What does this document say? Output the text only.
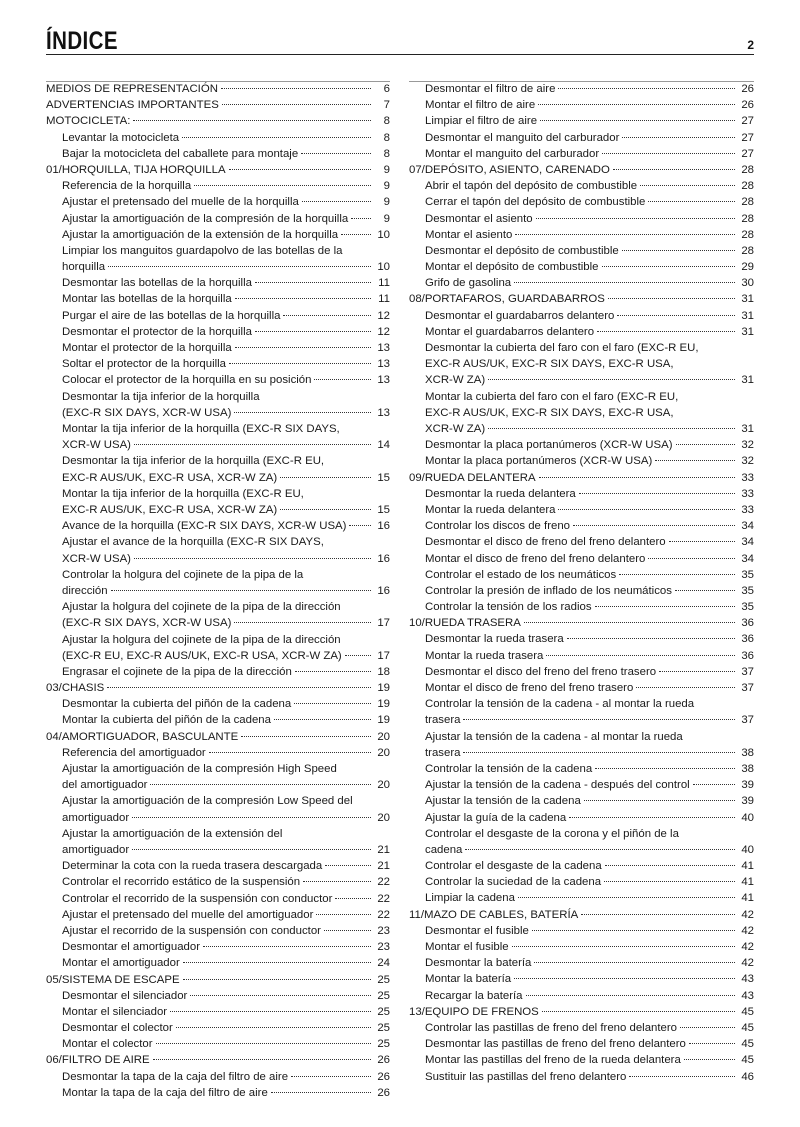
ÍNDICE	2
MEDIOS DE REPRESENTACIÓN	6
ADVERTENCIAS IMPORTANTES	7
MOTOCICLETA:	8
Levantar la motocicleta	8
Bajar la motocicleta del caballete para montaje	8
01/HORQUILLA, TIJA HORQUILLA	9
Referencia de la horquilla	9
Ajustar el pretensado del muelle de la horquilla	9
Ajustar la amortiguación de la compresión de la horquilla	9
Ajustar la amortiguación de la extensión de la horquilla	10
Limpiar los manguitos guardapolvo de las botellas de la
horquilla	10
Desmontar las botellas de la horquilla	11
Montar las botellas de la horquilla	11
Purgar el aire de las botellas de la horquilla	12
Desmontar el protector de la horquilla	12
Montar el protector de la horquilla	13
Soltar el protector de la horquilla	13
Colocar el protector de la horquilla en su posición	13
Desmontar la tija inferior de la horquilla
(EXC-R SIX DAYS, XCR-W USA)	13
Montar la tija inferior de la horquilla (EXC-R SIX DAYS,
XCR-W USA)	14
Desmontar la tija inferior de la horquilla (EXC-R EU,
EXC-R AUS/UK, EXC-R USA, XCR-W ZA)	15
Montar la tija inferior de la horquilla (EXC-R EU,
EXC-R AUS/UK, EXC-R USA, XCR-W ZA)	15
Avance de la horquilla (EXC-R SIX DAYS, XCR-W USA)	16
Ajustar el avance de la horquilla (EXC-R SIX DAYS,
XCR-W USA)	16
Controlar la holgura del cojinete de la pipa de la
dirección	16
Ajustar la holgura del cojinete de la pipa de la dirección
(EXC-R SIX DAYS, XCR-W USA)	17
Ajustar la holgura del cojinete de la pipa de la dirección
(EXC-R EU, EXC-R AUS/UK, EXC-R USA, XCR-W ZA)	17
Engrasar el cojinete de la pipa de la dirección	18
03/CHASIS	19
Desmontar la cubierta del piñón de la cadena	19
Montar la cubierta del piñón de la cadena	19
04/AMORTIGUADOR, BASCULANTE	20
Referencia del amortiguador	20
Ajustar la amortiguación de la compresión High Speed
del amortiguador	20
Ajustar la amortiguación de la compresión Low Speed del
amortiguador	20
Ajustar la amortiguación de la extensión del
amortiguador	21
Determinar la cota con la rueda trasera descargada	21
Controlar el recorrido estático de la suspensión	22
Controlar el recorrido de la suspensión con conductor	22
Ajustar el pretensado del muelle del amortiguador	22
Ajustar el recorrido de la suspensión con conductor	23
Desmontar el amortiguador	23
Montar el amortiguador	24
05/SISTEMA DE ESCAPE	25
Desmontar el silenciador	25
Montar el silenciador	25
Desmontar el colector	25
Montar el colector	25
06/FILTRO DE AIRE	26
Desmontar la tapa de la caja del filtro de aire	26
Montar la tapa de la caja del filtro de aire	26
Desmontar el filtro de aire	26
Montar el filtro de aire	26
Limpiar el filtro de aire	27
Desmontar el manguito del carburador	27
Montar el manguito del carburador	27
07/DEPÓSITO, ASIENTO, CARENADO	28
Abrir el tapón del depósito de combustible	28
Cerrar el tapón del depósito de combustible	28
Desmontar el asiento	28
Montar el asiento	28
Desmontar el depósito de combustible	28
Montar el depósito de combustible	29
Grifo de gasolina	30
08/PORTAFAROS, GUARDABARROS	31
Desmontar el guardabarros delantero	31
Montar el guardabarros delantero	31
Desmontar la cubierta del faro con el faro (EXC-R EU,
EXC-R AUS/UK, EXC-R SIX DAYS, EXC-R USA,
XCR-W ZA)	31
Montar la cubierta del faro con el faro (EXC-R EU,
EXC-R AUS/UK, EXC-R SIX DAYS, EXC-R USA,
XCR-W ZA)	31
Desmontar la placa portanúmeros (XCR-W USA)	32
Montar la placa portanúmeros (XCR-W USA)	32
09/RUEDA DELANTERA	33
Desmontar la rueda delantera	33
Montar la rueda delantera	33
Controlar los discos de freno	34
Desmontar el disco de freno del freno delantero	34
Montar el disco de freno del freno delantero	34
Controlar el estado de los neumáticos	35
Controlar la presión de inflado de los neumáticos	35
Controlar la tensión de los radios	35
10/RUEDA TRASERA	36
Desmontar la rueda trasera	36
Montar la rueda trasera	36
Desmontar el disco del freno del freno trasero	37
Montar el disco de freno del freno trasero	37
Controlar la tensión de la cadena - al montar la rueda
trasera	37
Ajustar la tensión de la cadena - al montar la rueda
trasera	38
Controlar la tensión de la cadena	38
Ajustar la tensión de la cadena - después del control	39
Ajustar la tensión de la cadena	39
Ajustar la guía de la cadena	40
Controlar el desgaste de la corona y el piñón de la
cadena	40
Controlar el desgaste de la cadena	41
Controlar la suciedad de la cadena	41
Limpiar la cadena	41
11/MAZO DE CABLES, BATERÍA	42
Desmontar el fusible	42
Montar el fusible	42
Desmontar la batería	42
Montar la batería	43
Recargar la batería	43
13/EQUIPO DE FRENOS	45
Controlar las pastillas de freno del freno delantero	45
Desmontar las pastillas de freno del freno delantero	45
Montar las pastillas del freno de la rueda delantera	45
Sustituir las pastillas del freno delantero	46
